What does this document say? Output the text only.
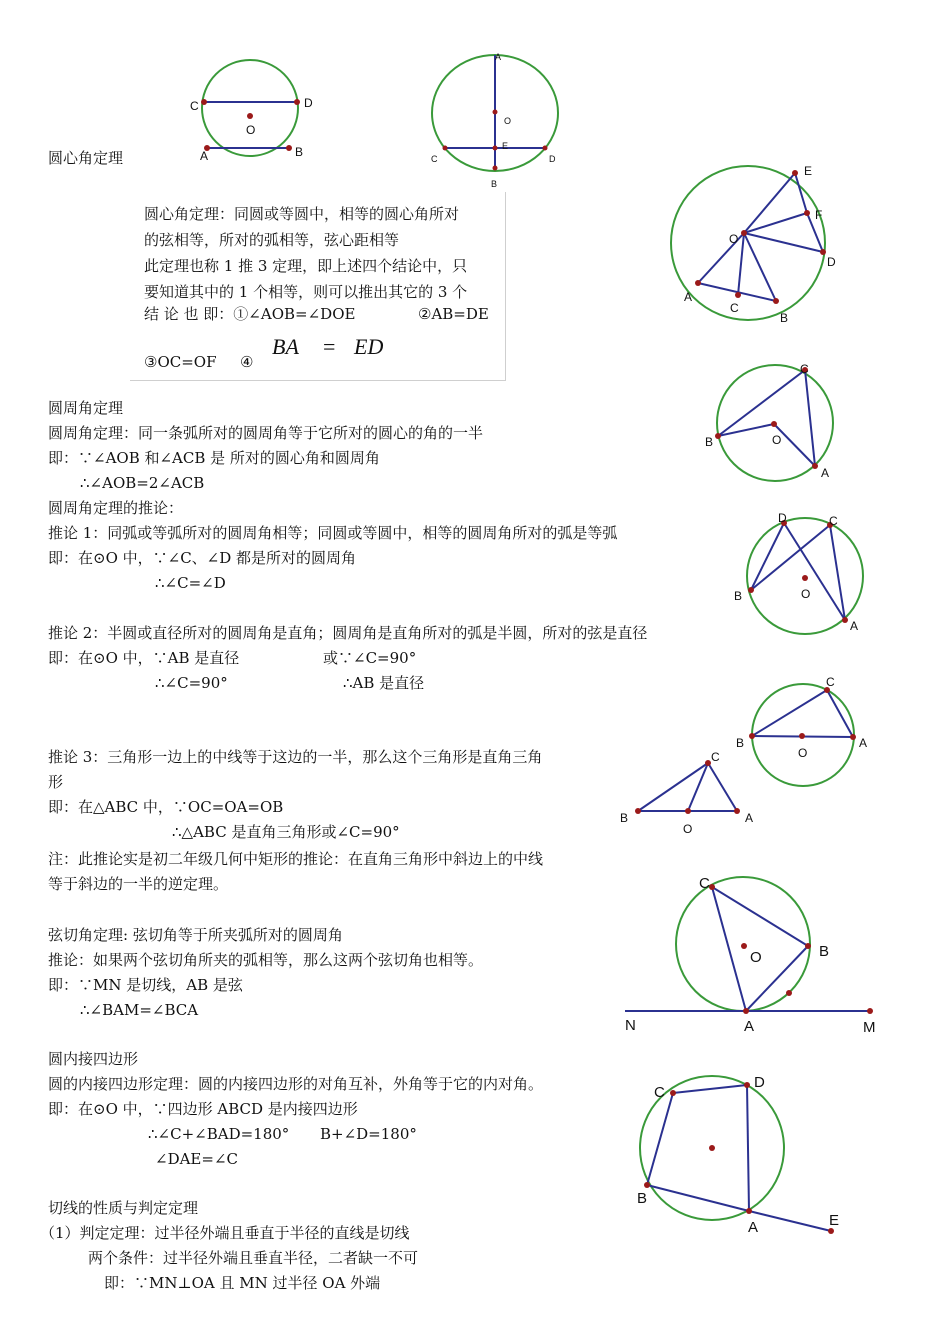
圆心角定理
C	D
O
A	B
A
O
E
C	D
B
E
F
O
D
A
C
B
圆心角定理：同圆或等圆中，相等的圆心角所对
的弦相等，所对的弧相等，弦心距相等
此定理也称 1 推 3 定理，即上述四个结论中，只
要知道其中的 1 个相等，则可以推出其它的 3 个
结 论 也 即：①∠AOB=∠DOE	②AB=DE
③OC=OF ④
BA = ED
圆周角定理
圆周角定理：同一条弧所对的圆周角等于它所对的圆心的角的一半
即：∵∠AOB 和∠ACB 是 所对的圆心角和圆周角
∴∠AOB=2∠ACB
圆周角定理的推论：
推论 1：同弧或等弧所对的圆周角相等；同圆或等圆中，相等的圆周角所对的弧是等弧
即：在⊙O 中，∵∠C、∠D 都是所对的圆周角
∴∠C=∠D
推论 2：半圆或直径所对的圆周角是直角；圆周角是直角所对的弧是半圆，所对的弦是直径
即：在⊙O 中，∵AB 是直径	或∵∠C=90°
∴∠C=90°	∴AB 是直径
推论 3：三角形一边上的中线等于这边的一半，那么这个三角形是直角三角
形
即：在△ABC 中，∵OC=OA=OB
∴△ABC 是直角三角形或∠C=90°
注：此推论实是初二年级几何中矩形的推论：在直角三角形中斜边上的中线
等于斜边的一半的逆定理。
C
B	O
A
D	C
B	O
A
C
B
O
A
C
B
O
A
弦切角定理: 弦切角等于所夹弧所对的圆周角
推论：如果两个弦切角所夹的弧相等，那么这两个弦切角也相等。
即：∵MN 是切线，AB 是弦
∴∠BAM=∠BCA
C
O	B
N	A	M
圆内接四边形
圆的内接四边形定理：圆的内接四边形的对角互补，外角等于它的内对角。
即：在⊙O 中，∵四边形 ABCD 是内接四边形
∴∠C+∠BAD=180° B+∠D=180°
∠DAE=∠C
C
D
B
A	E
切线的性质与判定定理
（1）判定定理：过半径外端且垂直于半径的直线是切线
两个条件：过半径外端且垂直半径，二者缺一不可
即：∵MN⊥OA 且 MN 过半径 OA 外端
